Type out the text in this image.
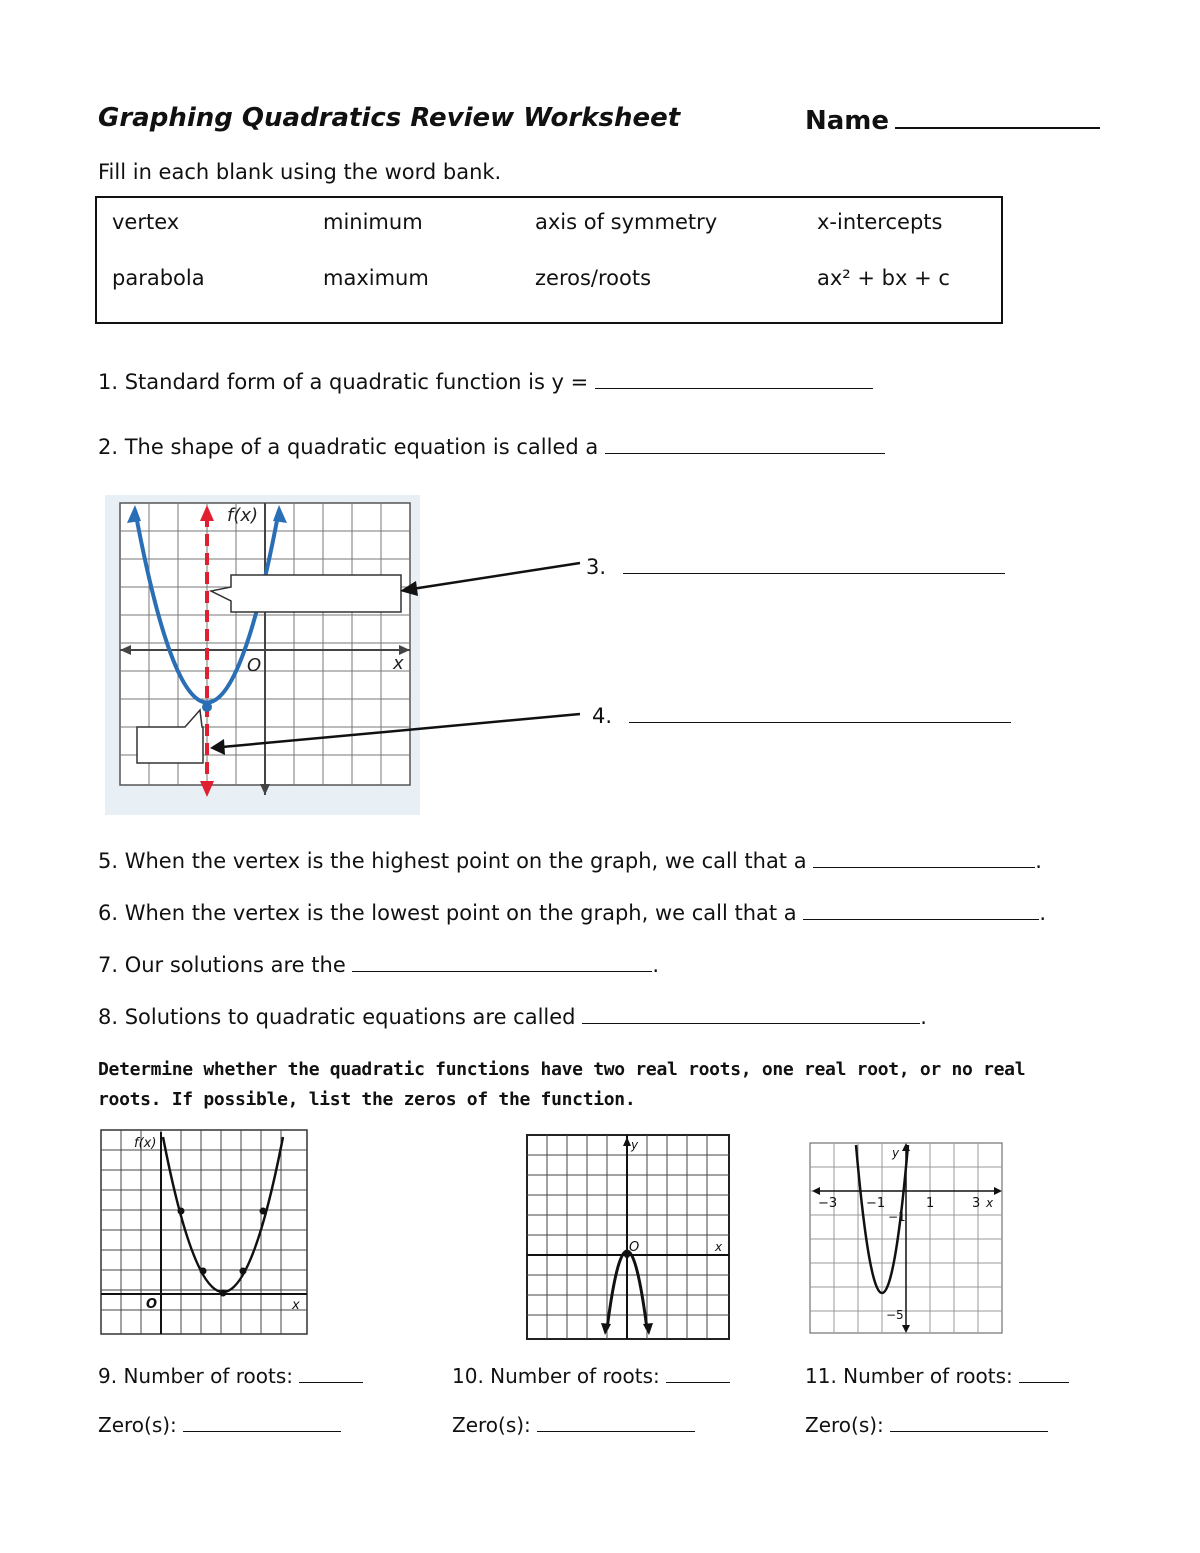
Graphing Quadratics Review Worksheet	Name
Fill in each blank using the word bank.
vertex	minimum	axis of symmetry	x-intercepts
parabola	maximum	zeros/roots	ax² + bx + c
1. Standard form of a quadratic function is y =
2. The shape of a quadratic equation is called a
f(x)
x
O
3.
4.
5. When the vertex is the highest point on the graph, we call that a	.
6. When the vertex is the lowest point on the graph, we call that a	.
7. Our solutions are the	.
8. Solutions to quadratic equations are called	.
Determine whether the quadratic functions have two real roots, one real root, or no real roots. If possible, list the zeros of the function.
f(x)
x
O
y
x
O
−3 −1	1	3 x
y
−1
−5
9. Number of roots:
Zero(s):
10. Number of roots:
Zero(s):
11. Number of roots:
Zero(s):
